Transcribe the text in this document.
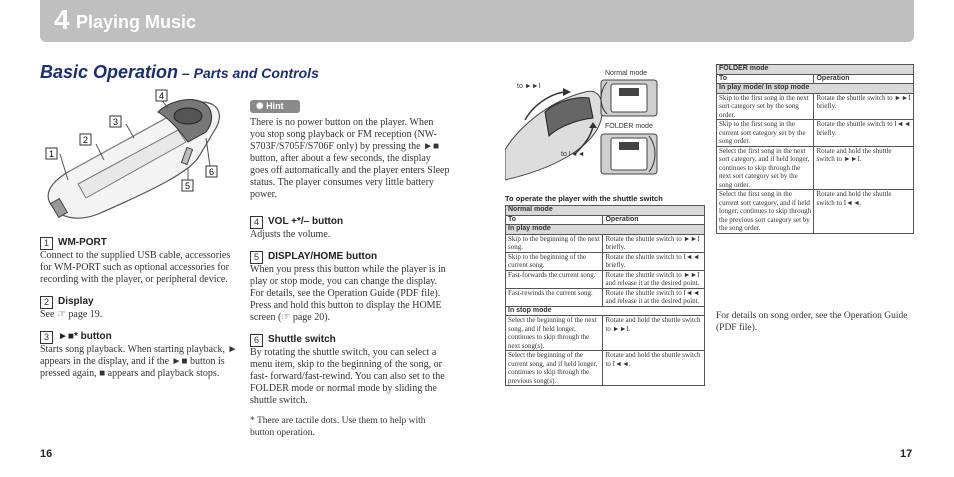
4 Playing Music
Basic Operation – Parts and Controls
4
3
2
1
5
6
1 WM-PORT
Connect to the supplied USB cable, accessories for WM-PORT such as optional accessories for recording with the player, or peripheral device.
2 Display
See ☞ page 19.
3 ►■* button
Starts song playback. When starting playback, ► appears in the display, and if the ►■ button is pressed again, ■ appears and playback stops.
✺ Hint
There is no power button on the player. When you stop song playback or FM reception (NW-S703F/S705F/S706F only) by pressing the ►■ button, after about a few seconds, the display goes off automatically and the player enters Sleep status. The player consumes very little battery power.
4 VOL +*/– button
Adjusts the volume.
5 DISPLAY/HOME button
When you press this button while the player is in play or stop mode, you can change the display. For details, see the Operation Guide (PDF file). Press and hold this button to display the HOME screen (☞ page 20).
6 Shuttle switch
By rotating the shuttle switch, you can select a menu item, skip to the beginning of the song, or fast- forward/fast-rewind. You can also set to the FOLDER mode or normal mode by sliding the shuttle switch.
* There are tactile dots. Use them to help with button operation.
16
to ►►I
to I◄◄
Normal mode
FOLDER mode
To operate the player with the shuttle switch
Normal mode	
To	Operation
In play mode	
Skip to the beginning of the next song.	Rotate the shuttle switch to ►►I briefly.
Skip to the beginning of the current song.	Rotate the shuttle switch to I◄◄ briefly.
Fast-forwards the current song.	Rotate the shuttle switch to ►►I and release it at the desired point.
Fast-rewinds the current song.	Rotate the shuttle switch to I◄◄ and release it at the desired point.
In stop mode	
Select the beginning of the next song, and if held longer, continues to skip through the next song(s).	Rotate and hold the shuttle switch to ►►I.
Select the beginning of the current song, and if held longer, continues to skip through the previous song(s).	Rotate and hold the shuttle switch to I◄◄.
FOLDER mode	
To	Operation
In play mode/ In stop mode	
Skip to the first song in the next sort category set by the song order.	Rotate the shuttle switch to ►►I briefly.
Skip to the first song in the current sort category set by the song order.	Rotate the shuttle switch to I◄◄ briefly.
Select the first song in the next sort category, and if held longer, continues to skip through the next sort category set by the song order.	Rotate and hold the shuttle switch to ►►I.
Select the first song in the current sort category, and if held longer, continues to skip through the previous sort category set by the song order.	Rotate and hold the shuttle switch to I◄◄.
For details on song order, see the Operation Guide (PDF file).
17
